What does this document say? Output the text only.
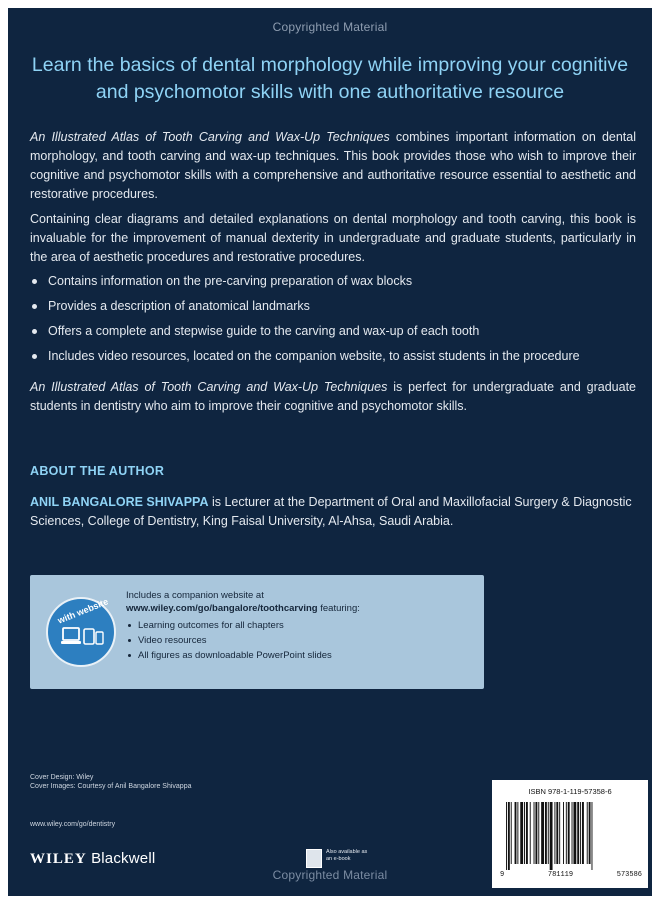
Copyrighted Material
Learn the basics of dental morphology while improving your cognitive and psychomotor skills with one authoritative resource

An Illustrated Atlas of Tooth Carving and Wax-Up Techniques combines important information on dental morphology, and tooth carving and wax-up techniques. This book provides those who wish to improve their cognitive and psychomotor skills with a comprehensive and authoritative resource essential to aesthetic and restorative procedures.

Containing clear diagrams and detailed explanations on dental morphology and tooth carving, this book is invaluable for the improvement of manual dexterity in undergraduate and graduate students, particularly in the area of aesthetic procedures and restorative procedures.

Contains information on the pre-carving preparation of wax blocks
Provides a description of anatomical landmarks
Offers a complete and stepwise guide to the carving and wax-up of each tooth
Includes video resources, located on the companion website, to assist students in the procedure

An Illustrated Atlas of Tooth Carving and Wax-Up Techniques is perfect for undergraduate and graduate students in dentistry who aim to improve their cognitive and psychomotor skills.

ABOUT THE AUTHOR

ANIL BANGALORE SHIVAPPA is Lecturer at the Department of Oral and Maxillofacial Surgery & Diagnostic Sciences, College of Dentistry, King Faisal University, Al-Ahsa, Saudi Arabia.

with website
Includes a companion website at
www.wiley.com/go/bangalore/toothcarving featuring:
Learning outcomes for all chapters
Video resources
All figures as downloadable PowerPoint slides
Cover Design: Wiley
Cover Images: Courtesy of Anil Bangalore Shivappa
www.wiley.com/go/dentistry
WILEY Blackwell	Also available as an e-book
Copyrighted Material
ISBN 978-1-119-57358-6
9	781119	573586
